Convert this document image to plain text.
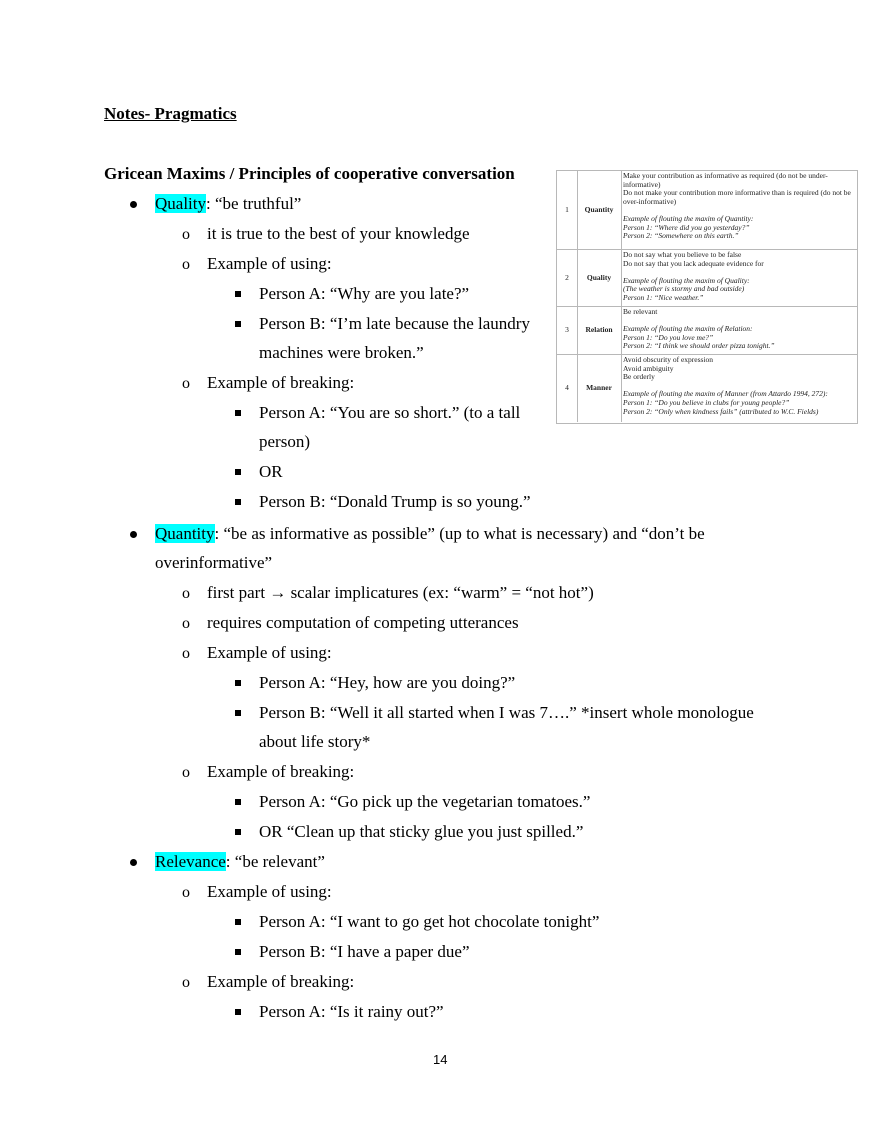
Notes- Pragmatics
Gricean Maxims / Principles of cooperative conversation
Quality: “be truthful”
o it is true to the best of your knowledge
o Example of using:
Person A: “Why are you late?”
Person B: “I’m late because the laundry
machines were broken.”
o Example of breaking:
Person A: “You are so short.” (to a tall
person)
OR
Person B: “Donald Trump is so young.”
Quantity: “be as informative as possible” (up to what is necessary) and “don’t be
overinformative”
o first part → scalar implicatures (ex: “warm” = “not hot”)
o requires computation of competing utterances
o Example of using:
Person A: “Hey, how are you doing?”
Person B: “Well it all started when I was 7….” *insert whole monologue
about life story*
o Example of breaking:
Person A: “Go pick up the vegetarian tomatoes.”
OR “Clean up that sticky glue you just spilled.”
Relevance: “be relevant”
o Example of using:
Person A: “I want to go get hot chocolate tonight”
Person B: “I have a paper due”
o Example of breaking:
Person A: “Is it rainy out?”
14
1	Quantity
Make your contribution as informative as required (do not be under-
informative)
Do not make your contribution more informative than is required (do not be
over-informative)
Example of flouting the maxim of Quantity:
Person 1: “Where did you go yesterday?”
Person 2: “Somewhere on this earth.”
2	Quality
Do not say what you believe to be false
Do not say that you lack adequate evidence for
Example of flouting the maxim of Quality:
(The weather is stormy and bad outside)
Person 1: “Nice weather.”
3	Relation
Be relevant
Example of flouting the maxim of Relation:
Person 1: “Do you love me?”
Person 2: “I think we should order pizza tonight.”
4	Manner
Avoid obscurity of expression
Avoid ambiguity
Be orderly
Example of flouting the maxim of Manner (from Attardo 1994, 272):
Person 1: “Do you believe in clubs for young people?”
Person 2: “Only when kindness fails” (attributed to W.C. Fields)
